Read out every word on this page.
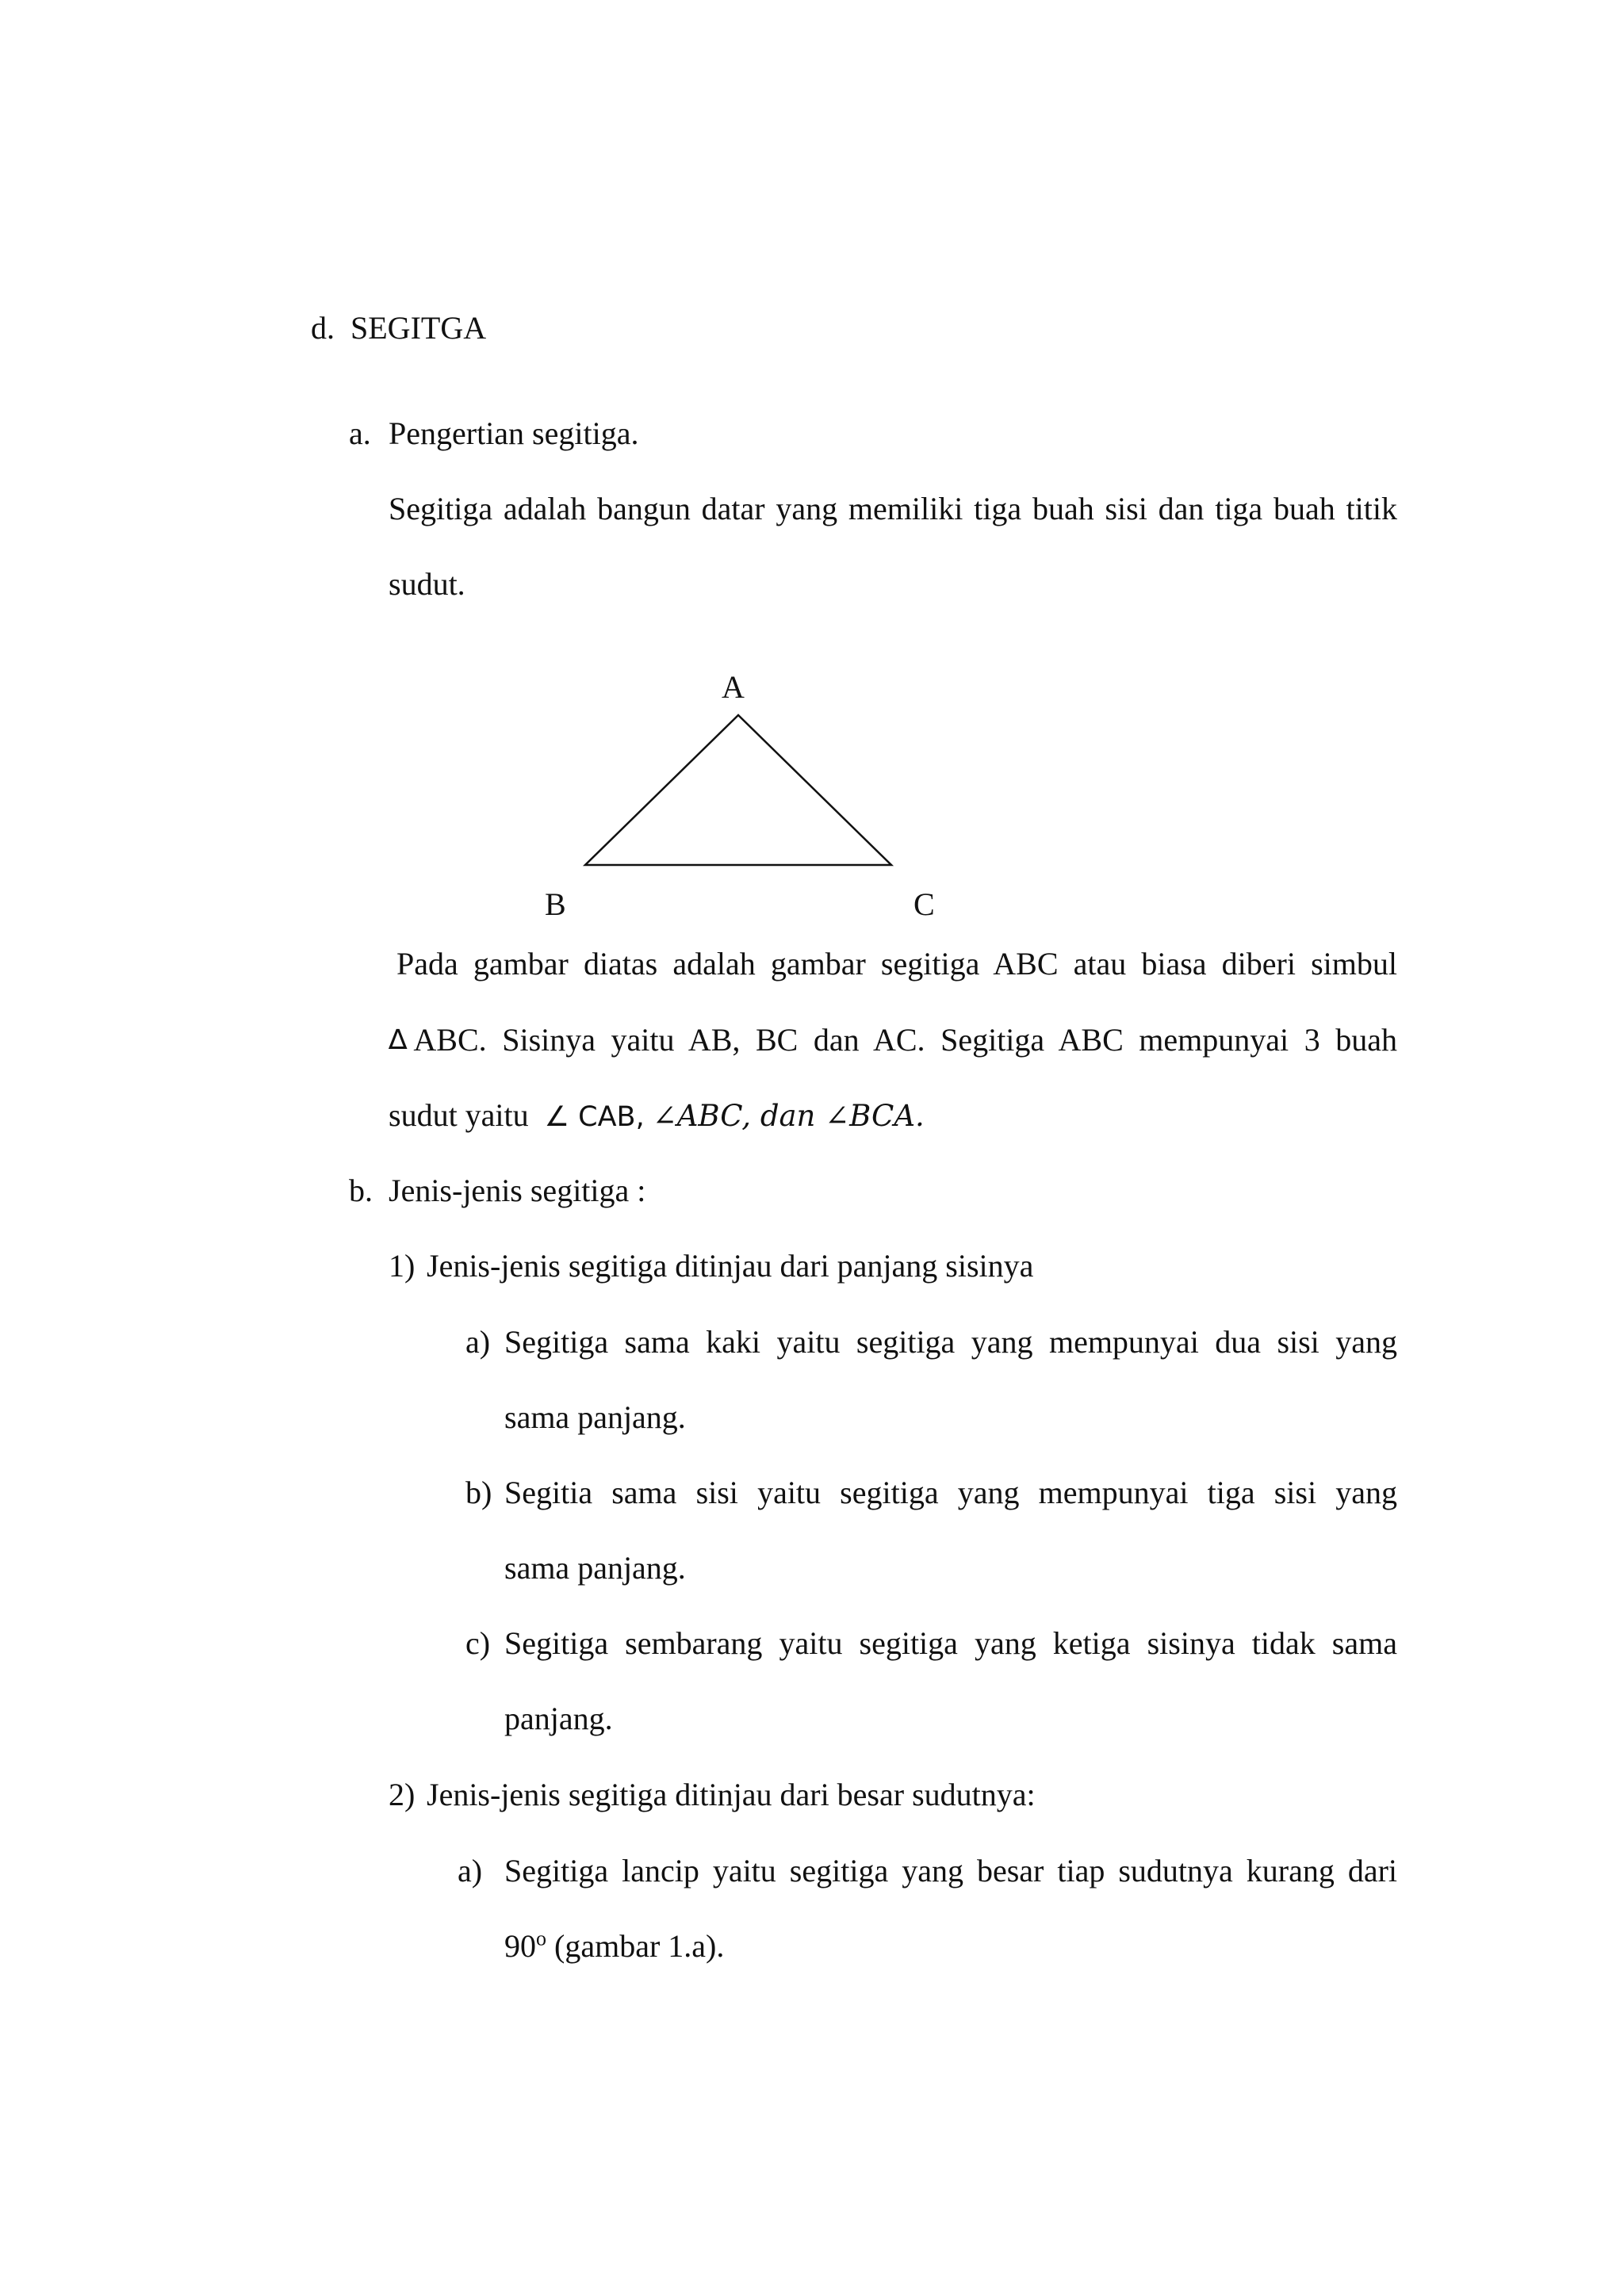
d. SEGITGA
a. Pengertian segitiga.
Segitiga adalah bangun datar yang memiliki tiga buah sisi dan tiga buah titik
sudut.
A
B	C
Pada gambar diatas adalah gambar segitiga ABC atau biasa diberi simbul
∆ ABC. Sisinya yaitu AB, BC dan AC. Segitiga ABC mempunyai 3 buah
sudut yaitu ∠ CAB, ∠ABC, dan ∠BCA.
b. Jenis-jenis segitiga :
1) Jenis-jenis segitiga ditinjau dari panjang sisinya
a) Segitiga sama kaki yaitu segitiga yang mempunyai dua sisi yang
sama panjang.
b) Segitia sama sisi yaitu segitiga yang mempunyai tiga sisi yang
sama panjang.
c) Segitiga sembarang yaitu segitiga yang ketiga sisinya tidak sama
panjang.
2) Jenis-jenis segitiga ditinjau dari besar sudutnya:
a) Segitiga lancip yaitu segitiga yang besar tiap sudutnya kurang dari
90$^o$ (gambar 1.a).
